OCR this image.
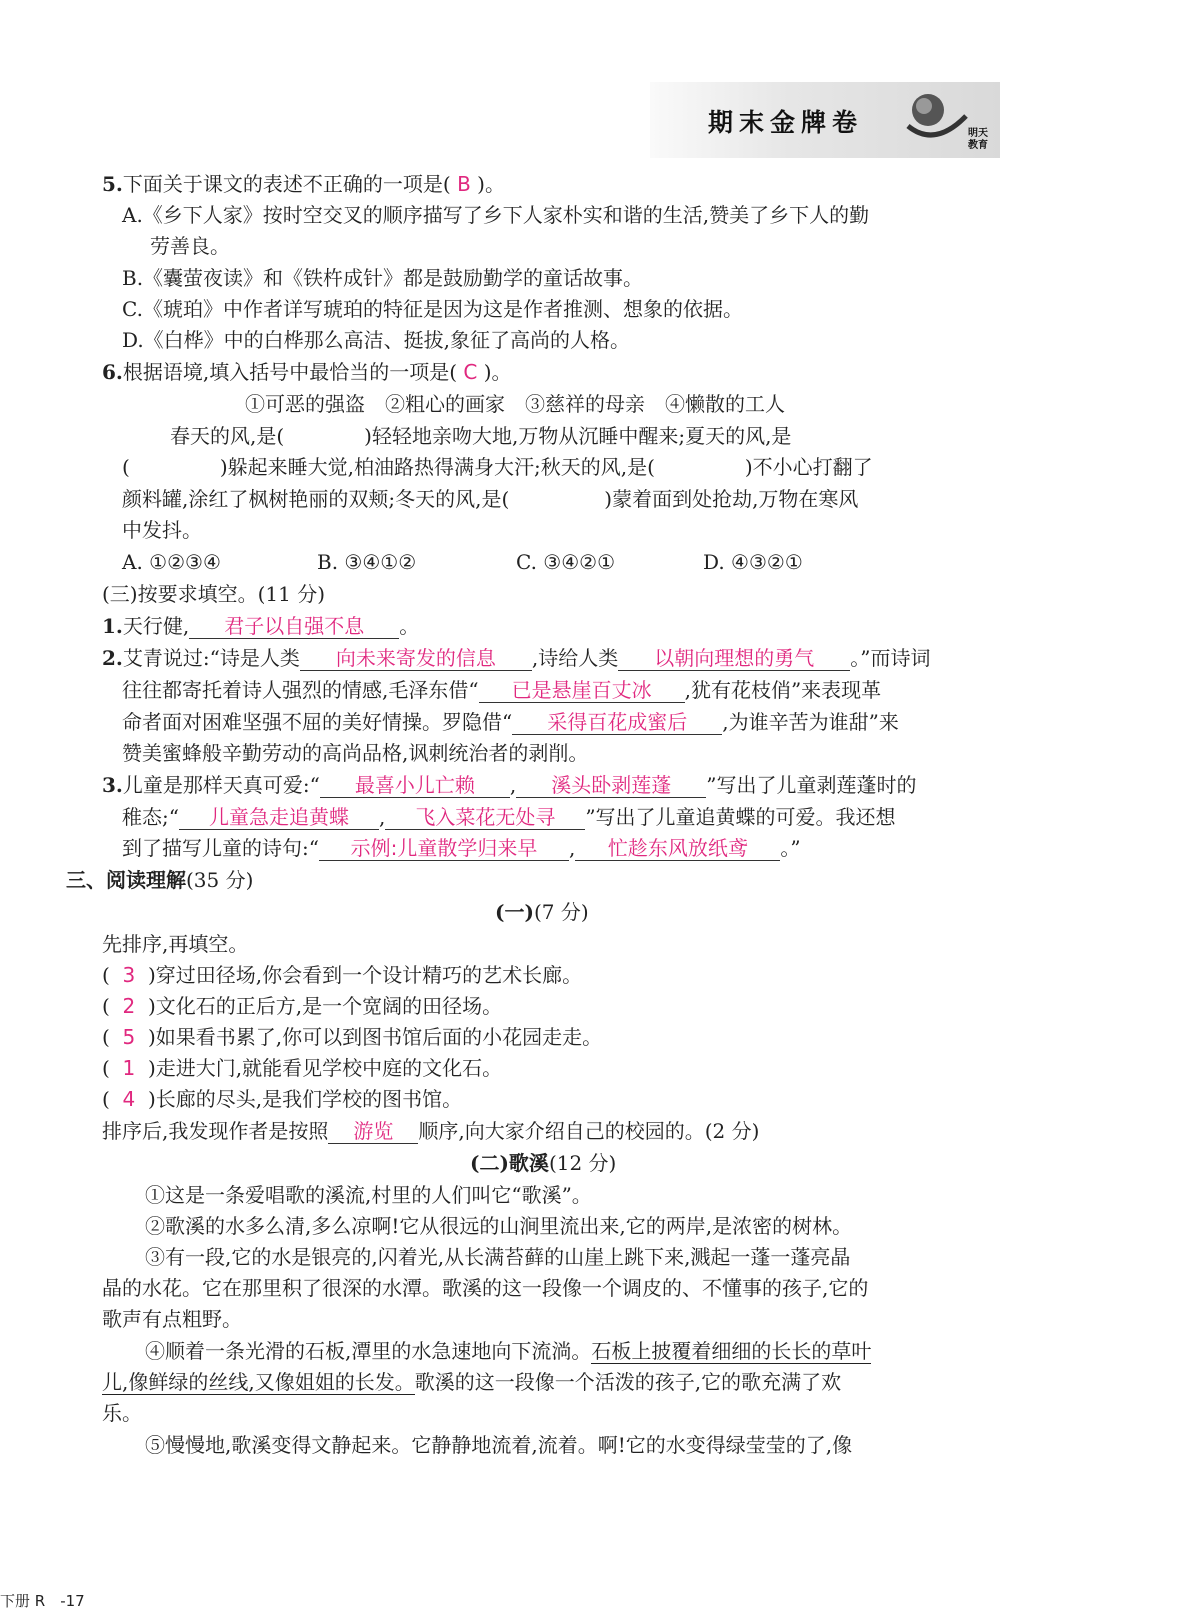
期末金牌卷	明天
教育
5.下面关于课文的表述不正确的一项是( B )。
A.《乡下人家》按时空交叉的顺序描写了乡下人家朴实和谐的生活,赞美了乡下人的勤
劳善良。
B.《囊萤夜读》和《铁杵成针》都是鼓励勤学的童话故事。
C.《琥珀》中作者详写琥珀的特征是因为这是作者推测、想象的依据。
D.《白桦》中的白桦那么高洁、挺拔,象征了高尚的人格。
6.根据语境,填入括号中最恰当的一项是( C )。
①可恶的强盗　②粗心的画家　③慈祥的母亲　④懒散的工人
春天的风,是(	)轻轻地亲吻大地,万物从沉睡中醒来;夏天的风,是
(	)躲起来睡大觉,柏油路热得满身大汗;秋天的风,是(	)不小心打翻了
颜料罐,涂红了枫树艳丽的双颊;冬天的风,是(	)蒙着面到处抢劫,万物在寒风
中发抖。
A. ①②③④	B. ③④①②	C. ③④②①	D. ④③②①
(三)按要求填空。(11 分)
1.天行健, 君子以自强不息 。
2.艾青说过:“诗是人类 向未来寄发的信息 ,诗给人类 以朝向理想的勇气 。”而诗词
往往都寄托着诗人强烈的情感,毛泽东借“ 已是悬崖百丈冰 ,犹有花枝俏”来表现革
命者面对困难坚强不屈的美好情操。罗隐借“ 采得百花成蜜后 ,为谁辛苦为谁甜”来
赞美蜜蜂般辛勤劳动的高尚品格,讽刺统治者的剥削。
3.儿童是那样天真可爱:“ 最喜小儿亡赖 , 溪头卧剥莲蓬 ”写出了儿童剥莲蓬时的
稚态;“ 儿童急走追黄蝶 , 飞入菜花无处寻 ”写出了儿童追黄蝶的可爱。我还想
到了描写儿童的诗句:“ 示例:儿童散学归来早 , 忙趁东风放纸鸢 。”
三、阅读理解(35 分)
(一)(7 分)
先排序,再填空。
(  3 )穿过田径场,你会看到一个设计精巧的艺术长廊。
(  2 )文化石的正后方,是一个宽阔的田径场。
(  5 )如果看书累了,你可以到图书馆后面的小花园走走。
(  1 )走进大门,就能看见学校中庭的文化石。
(  4 )长廊的尽头,是我们学校的图书馆。
排序后,我发现作者是按照 游览 顺序,向大家介绍自己的校园的。(2 分)
(二)歌溪(12 分)
①这是一条爱唱歌的溪流,村里的人们叫它“歌溪”。
②歌溪的水多么清,多么凉啊!它从很远的山涧里流出来,它的两岸,是浓密的树林。
③有一段,它的水是银亮的,闪着光,从长满苔藓的山崖上跳下来,溅起一蓬一蓬亮晶
晶的水花。它在那里积了很深的水潭。歌溪的这一段像一个调皮的、不懂事的孩子,它的
歌声有点粗野。
④顺着一条光滑的石板,潭里的水急速地向下流淌。石板上披覆着细细的长长的草叶
儿,像鲜绿的丝线,又像姐姐的长发。歌溪的这一段像一个活泼的孩子,它的歌充满了欢
乐。
⑤慢慢地,歌溪变得文静起来。它静静地流着,流着。啊!它的水变得绿莹莹的了,像
下册 R　-17
